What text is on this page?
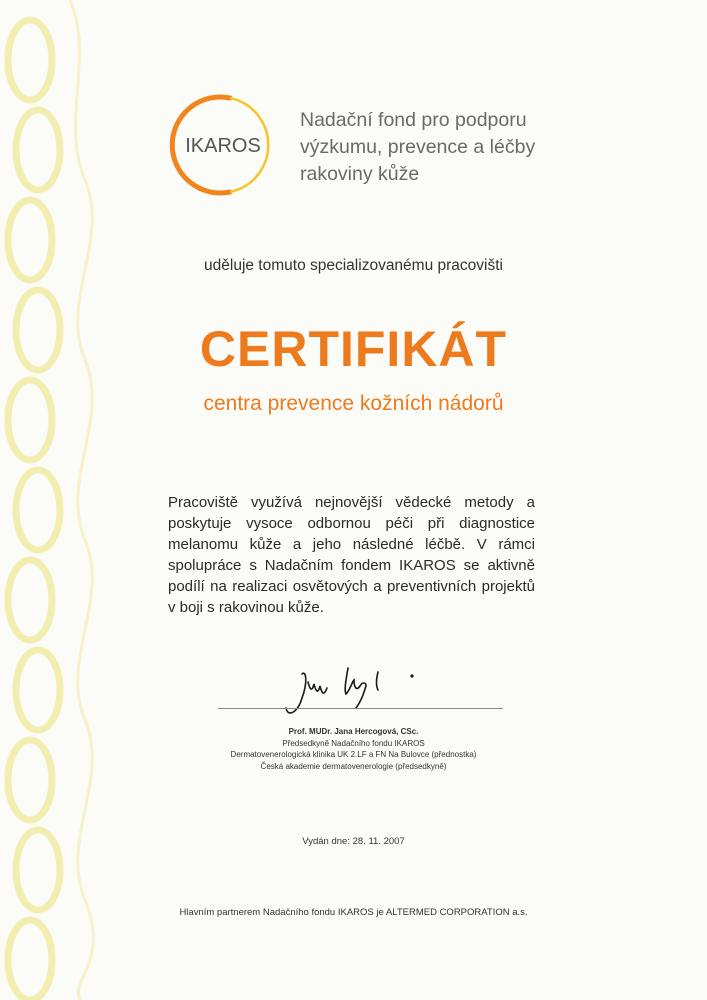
IKAROS
Nadační fond pro podporu
výzkumu, prevence a léčby
rakoviny kůže
uděluje tomuto specializovanému pracovišti
CERTIFIKÁT
centra prevence kožních nádorů
Pracoviště využívá nejnovější vědecké metody a poskytuje vysoce odbornou péči při diagnostice melanomu kůže a jeho následné léčbě. V rámci spolupráce s Nadačním fondem IKAROS se aktivně podílí na realizaci osvětových a preventivních projektů v boji s rakovinou kůže.
Prof. MUDr. Jana Hercogová, CSc.
Předsedkyně Nadačního fondu IKAROS
Dermatovenerologická klinika UK 2.LF a FN Na Bulovce (přednostka)
Česká akademie dermatovenerologie (předsedkyně)
Vydán dne: 28. 11. 2007
Hlavním partnerem Nadačního fondu IKAROS je ALTERMED CORPORATION a.s.
